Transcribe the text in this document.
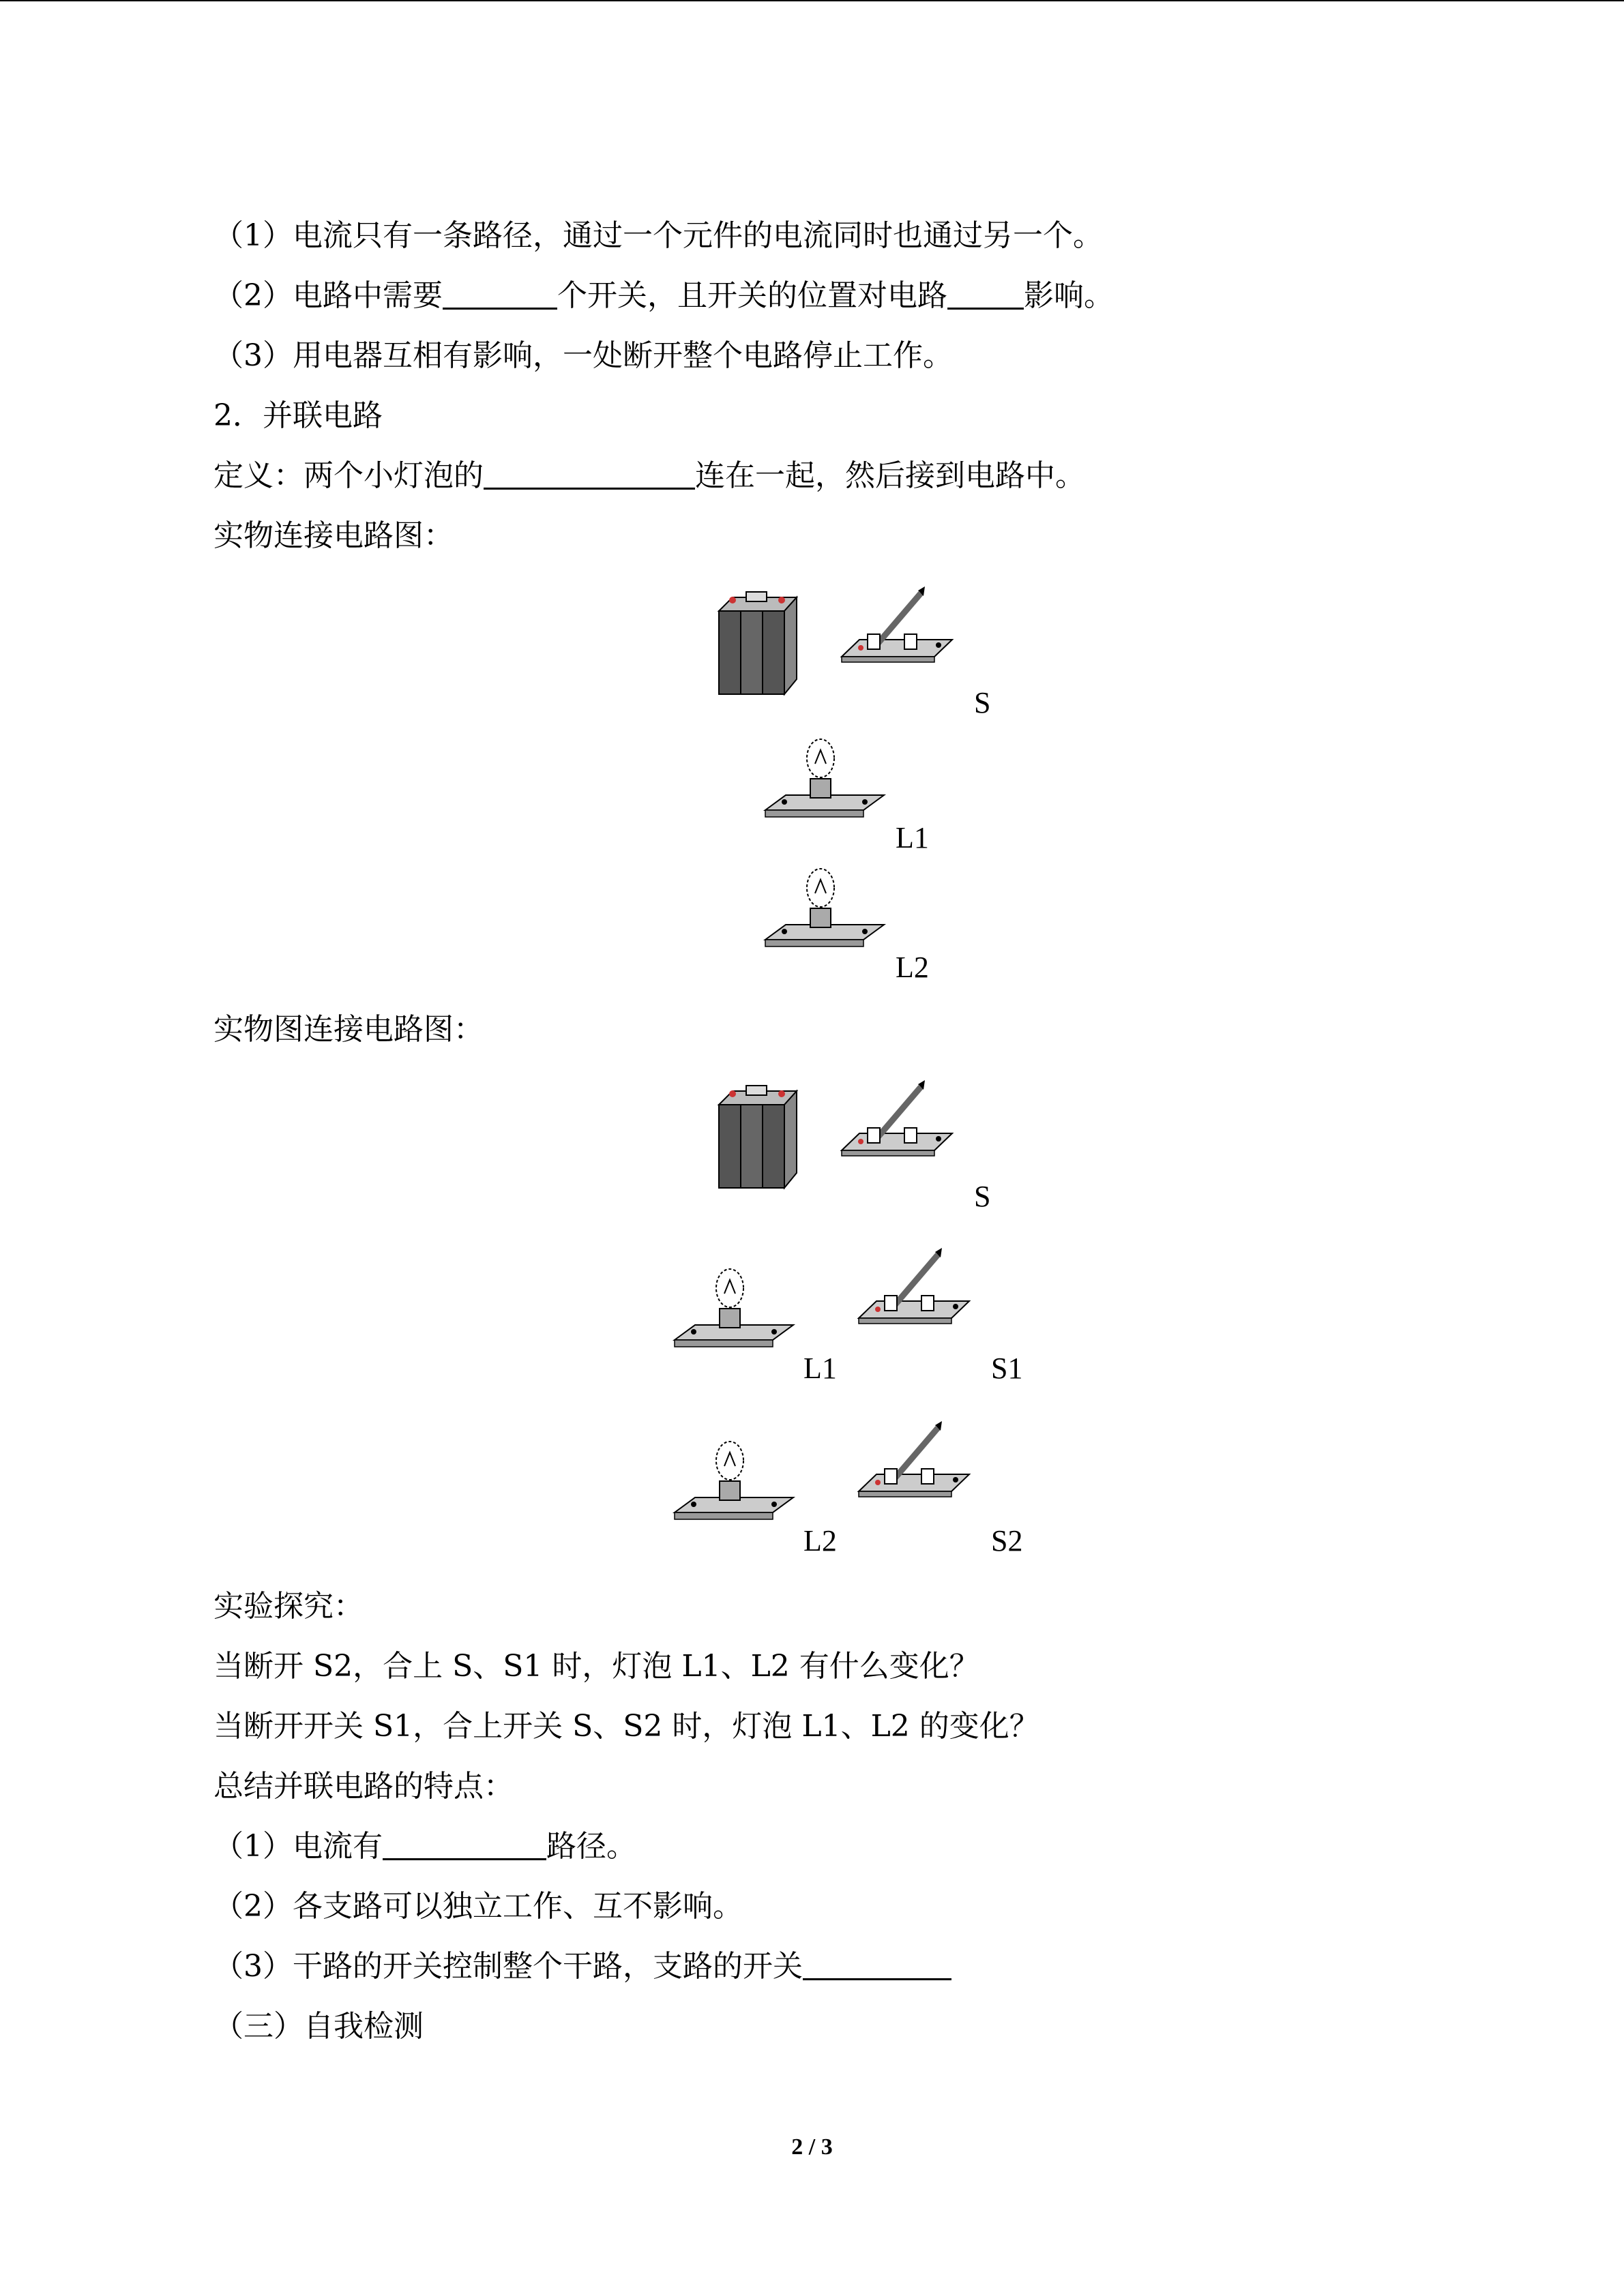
（1）电流只有一条路径，通过一个元件的电流同时也通过另一个。
（2）电路中需要	个开关，且开关的位置对电路	影响。
（3）用电器互相有影响，一处断开整个电路停止工作。
2．并联电路
定义：两个小灯泡的	连在一起，然后接到电路中。
实物连接电路图：
S
L1
L2
实物图连接电路图：
S
L1	S1
L2	S2
实验探究：
当断开 S2，合上 S、S1 时，灯泡 L1、L2 有什么变化？
当断开开关 S1，合上开关 S、S2 时，灯泡 L1、L2 的变化？
总结并联电路的特点：
（1）电流有	路径。
（2）各支路可以独立工作、互不影响。
（3）干路的开关控制整个干路，支路的开关
（三）自我检测
2 / 3
